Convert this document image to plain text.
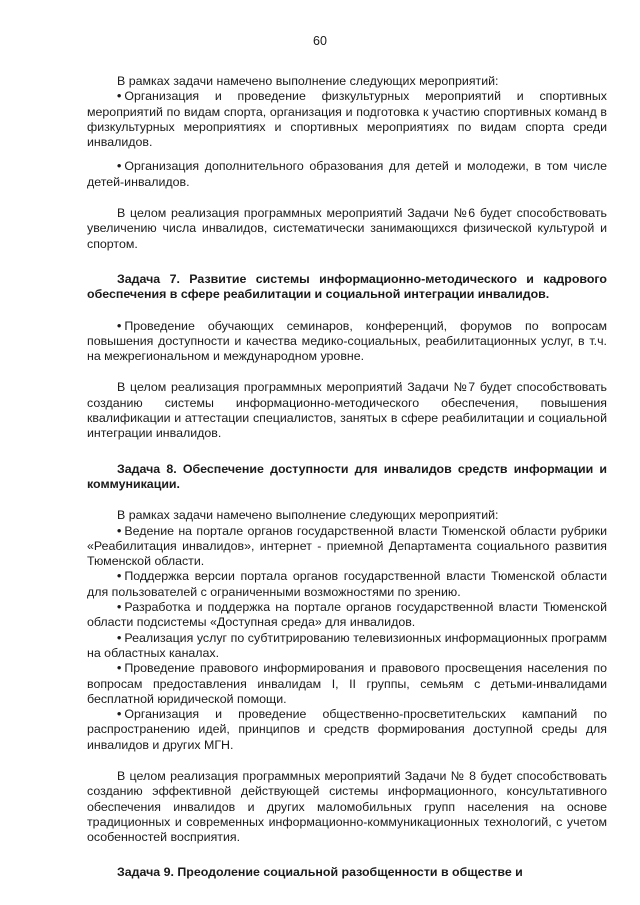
60

В рамках задачи намечено выполнение следующих мероприятий:

• Организация и проведение физкультурных мероприятий и спортивных мероприятий по видам спорта, организация и подготовка к участию спортивных команд в физкультурных мероприятиях и спортивных мероприятиях по видам спорта среди инвалидов.

• Организация дополнительного образования для детей и молодежи, в том числе детей-инвалидов.

В целом реализация программных мероприятий Задачи №6 будет способствовать увеличению числа инвалидов, систематически занимающихся физической культурой и спортом.

Задача 7. Развитие системы информационно-методического и кадрового обеспечения в сфере реабилитации и социальной интеграции инвалидов.

• Проведение обучающих семинаров, конференций, форумов по вопросам повышения доступности и качества медико-социальных, реабилитационных услуг, в т.ч. на межрегиональном и международном уровне.

В целом реализация программных мероприятий Задачи №7 будет способствовать созданию системы информационно-методического обеспечения, повышения квалификации и аттестации специалистов, занятых в сфере реабилитации и социальной интеграции инвалидов.

Задача 8. Обеспечение доступности для инвалидов средств информации и коммуникации.

В рамках задачи намечено выполнение следующих мероприятий:

• Ведение на портале органов государственной власти Тюменской области рубрики «Реабилитация инвалидов», интернет - приемной Департамента социального развития Тюменской области.

• Поддержка версии портала органов государственной власти Тюменской области для пользователей с ограниченными возможностями по зрению.

• Разработка и поддержка на портале органов государственной власти Тюменской области подсистемы «Доступная среда» для инвалидов.

• Реализация услуг по субтитрированию телевизионных информационных программ на областных каналах.

• Проведение правового информирования и правового просвещения населения по вопросам предоставления инвалидам I, II группы, семьям с детьми-инвалидами бесплатной юридической помощи.

• Организация и проведение общественно-просветительских кампаний по распространению идей, принципов и средств формирования доступной среды для инвалидов и других МГН.

В целом реализация программных мероприятий Задачи № 8 будет способствовать созданию эффективной действующей системы информационного, консультативного обеспечения инвалидов и других маломобильных групп населения на основе традиционных и современных информационно-коммуникационных технологий, с учетом особенностей восприятия.

Задача 9. Преодоление социальной разобщенности в обществе и
